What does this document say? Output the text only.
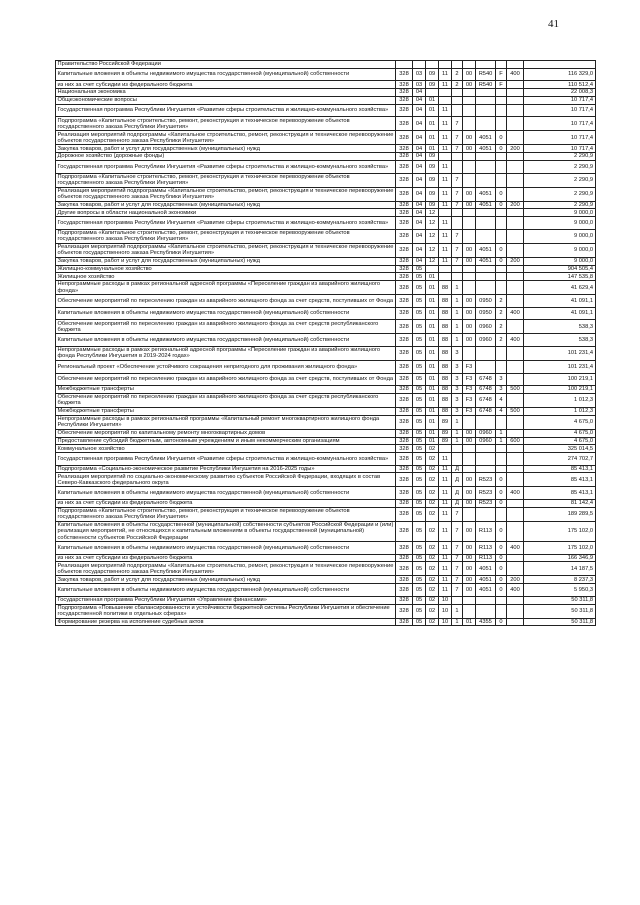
41
Правительство Российской Федерации										
Капитальные вложения в объекты недвижимого имущества государственной (муниципальной) собственности	328	03	09	11	2	00	R540	F	400	116 329,0
из них за счет субсидии из федерального бюджета	328	03	09	11	2	00	R540	F		110 512,4
Национальная экономика	328	04								22 008,3
Общеэкономические вопросы	328	04	01							10 717,4
Государственная программа Республики Ингушетия «Развитие сферы строительства и жилищно-коммунального хозяйства»	328	04	01	11						10 717,4
Подпрограмма «Капитальное строительство, ремонт, реконструкция и техническое перевооружение объектов государственного заказа Республики Ингушетия»	328	04	01	11	7					10 717,4
Реализация мероприятий подпрограммы «Капитальное строительство, ремонт, реконструкция и техническое перевооружение объектов государственного заказа Республики Ингушетия»	328	04	01	11	7	00	4051	0		10 717,4
Закупка товаров, работ и услуг для государственных (муниципальных) нужд	328	04	01	11	7	00	4051	0	200	10 717,4
Дорожное хозяйство (дорожные фонды)	328	04	09							2 290,9
Государственная программа Республики Ингушетия «Развитие сферы строительства и жилищно-коммунального хозяйства»	328	04	09	11						2 290,9
Подпрограмма «Капитальное строительство, ремонт, реконструкция и техническое перевооружение объектов государственного заказа Республики Ингушетия»	328	04	09	11	7					2 290,9
Реализация мероприятий подпрограммы «Капитальное строительство, ремонт, реконструкция и техническое перевооружение объектов государственного заказа Республики Ингушетия»	328	04	09	11	7	00	4051	0		2 290,9
Закупка товаров, работ и услуг для государственных (муниципальных) нужд	328	04	09	11	7	00	4051	0	200	2 290,9
Другие вопросы в области национальной экономики	328	04	12							9 000,0
Государственная программа Республики Ингушетия «Развитие сферы строительства и жилищно-коммунального хозяйства»	328	04	12	11						9 000,0
Подпрограмма «Капитальное строительство, ремонт, реконструкция и техническое перевооружение объектов государственного заказа Республики Ингушетия»	328	04	12	11	7					9 000,0
Реализация мероприятий подпрограммы «Капитальное строительство, ремонт, реконструкция и техническое перевооружение объектов государственного заказа Республики Ингушетия»	328	04	12	11	7	00	4051	0		9 000,0
Закупка товаров, работ и услуг для государственных (муниципальных) нужд	328	04	12	11	7	00	4051	0	200	9 000,0
Жилищно-коммунальное хозяйство	328	05								904 505,4
Жилищное хозяйство	328	05	01							147 535,8
Непрограммные расходы в рамках региональной адресной программы «Переселение граждан из аварийного жилищного фонда»	328	05	01	88	1					41 629,4
Обеспечение мероприятий по переселению граждан из аварийного жилищного фонда за счет средств, поступивших от Фонда	328	05	01	88	1	00	0950	2		41 091,1
Капитальные вложения в объекты недвижимого имущества государственной (муниципальной) собственности	328	05	01	88	1	00	0950	2	400	41 091,1
Обеспечение мероприятий по переселению граждан из аварийного жилищного фонда за счет средств республиканского бюджета	328	05	01	88	1	00	0960	2		538,3
Капитальные вложения в объекты недвижимого имущества государственной (муниципальной) собственности	328	05	01	88	1	00	0960	2	400	538,3
Непрограммные расходы в рамках региональной адресной программы «Переселение граждан из аварийного жилищного фонда Республики Ингушетия в 2019-2024 годах»	328	05	01	88	3					101 231,4
Региональный проект «Обеспечение устойчивого сокращения непригодного для проживания жилищного фонда»	328	05	01	88	3	F3				101 231,4
Обеспечение мероприятий по переселению граждан из аварийного жилищного фонда за счет средств, поступивших от Фонда	328	05	01	88	3	F3	6748	3		100 219,1
Межбюджетные трансферты	328	05	01	88	3	F3	6748	3	500	100 219,1
Обеспечение мероприятий по переселению граждан из аварийного жилищного фонда за счет средств республиканского бюджета	328	05	01	88	3	F3	6748	4		1 012,3
Межбюджетные трансферты	328	05	01	88	3	F3	6748	4	500	1 012,3
Непрограммные расходы в рамках региональной программы «Капитальный ремонт многоквартирного жилищного фонда Республики Ингушетия»	328	05	01	89	1					4 675,0
Обеспечение мероприятий по капитальному ремонту многоквартирных домов	328	05	01	89	1	00	0960	1		4 675,0
Предоставление субсидий бюджетным, автономным учреждениям и иным некоммерческим организациям	328	05	01	89	1	00	0960	1	600	4 675,0
Коммунальное хозяйство	328	05	02							325 014,5
Государственная программа Республики Ингушетия «Развитие сферы строительства и жилищно-коммунального хозяйства»	328	05	02	11						274 702,7
Подпрограмма «Социально-экономическое развитие Республики Ингушетия на 2016-2025 годы»	328	05	02	11	Д					85 413,1
Реализация мероприятий по социально-экономическому развитию субъектов Российской Федерации, входящих в состав Северо-Кавказского федерального округа	328	05	02	11	Д	00	R523	0		85 413,1
Капитальные вложения в объекты недвижимого имущества государственной (муниципальной) собственности	328	05	02	11	Д	00	R523	0	400	85 413,1
из них за счет субсидии из федерального бюджета	328	05	02	11	Д	00	R523	0		81 142,4
Подпрограмма «Капитальное строительство, ремонт, реконструкция и техническое перевооружение объектов государственного заказа Республики Ингушетия»	328	05	02	11	7					189 289,5
Капитальные вложения в объекты государственной (муниципальной) собственности субъектов Российской Федерации и (или) реализация мероприятий, не относящихся к капитальным вложениям в объекты государственной (муниципальной) собственности субъектов Российской Федерации	328	05	02	11	7	00	R113	0		175 102,0
Капитальные вложения в объекты недвижимого имущества государственной (муниципальной) собственности	328	05	02	11	7	00	R113	0	400	175 102,0
из них за счет субсидии из федерального бюджета	328	05	02	11	7	00	R113	0		166 346,9
Реализация мероприятий подпрограммы «Капитальное строительство, ремонт, реконструкция и техническое перевооружение объектов государственного заказа Республики Ингушетия»	328	05	02	11	7	00	4051	0		14 187,5
Закупка товаров, работ и услуг для государственных (муниципальных) нужд	328	05	02	11	7	00	4051	0	200	8 237,3
Капитальные вложения в объекты недвижимого имущества государственной (муниципальной) собственности	328	05	02	11	7	00	4051	0	400	5 950,3
Государственная программа Республики Ингушетия «Управление финансами»	328	05	02	10						50 311,8
Подпрограмма «Повышение сбалансированности и устойчивости бюджетной системы Республики Ингушетия и обеспечение государственной политики в отдельных сферах»	328	05	02	10	1					50 311,8
Формирование резерва на исполнение судебных актов	328	05	02	10	1	01	4355	0		50 311,8
